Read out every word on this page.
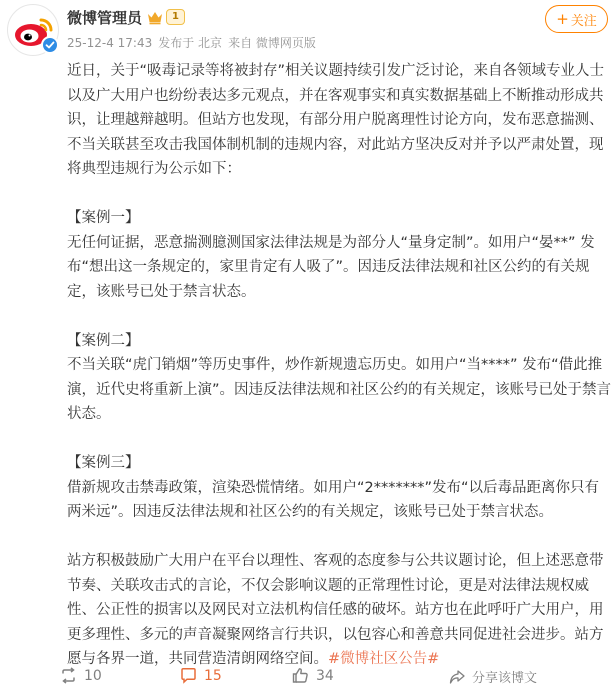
微博管理员	1
25-12-4 17:43 发布于 北京 来自 微博网页版
+ 关注

近日，关于“吸毒记录等将被封存”相关议题持续引发广泛讨论，来自各领域专业人士以及广大用户也纷纷表达多元观点，并在客观事实和真实数据基础上不断推动形成共识，让理越辩越明。但站方也发现，有部分用户脱离理性讨论方向，发布恶意揣测、不当关联甚至攻击我国体制机制的违规内容，对此站方坚决反对并予以严肃处置，现将典型违规行为公示如下：

【案例一】

无任何证据，恶意揣测臆测国家法律法规是为部分人“量身定制”。如用户“晏**” 发布“想出这一条规定的，家里肯定有人吸了”。因违反法律法规和社区公约的有关规定，该账号已处于禁言状态。

【案例二】

不当关联“虎门销烟”等历史事件，炒作新规遗忘历史。如用户“当****” 发布“借此推演，近代史将重新上演”。因违反法律法规和社区公约的有关规定，该账号已处于禁言状态。

【案例三】

借新规攻击禁毒政策，渲染恐慌情绪。如用户“2*******”发布“以后毒品距离你只有两米远”。因违反法律法规和社区公约的有关规定，该账号已处于禁言状态。

站方积极鼓励广大用户在平台以理性、客观的态度参与公共议题讨论，但上述恶意带节奏、关联攻击式的言论，不仅会影响议题的正常理性讨论，更是对法律法规权威性、公正性的损害以及网民对立法机构信任感的破坏。站方也在此呼吁广大用户，用更多理性、多元的声音凝聚网络言行共识，以包容心和善意共同促进社会进步。站方愿与各界一道，共同营造清朗网络空间。#微博社区公告#

10	15	34	分享该博文
